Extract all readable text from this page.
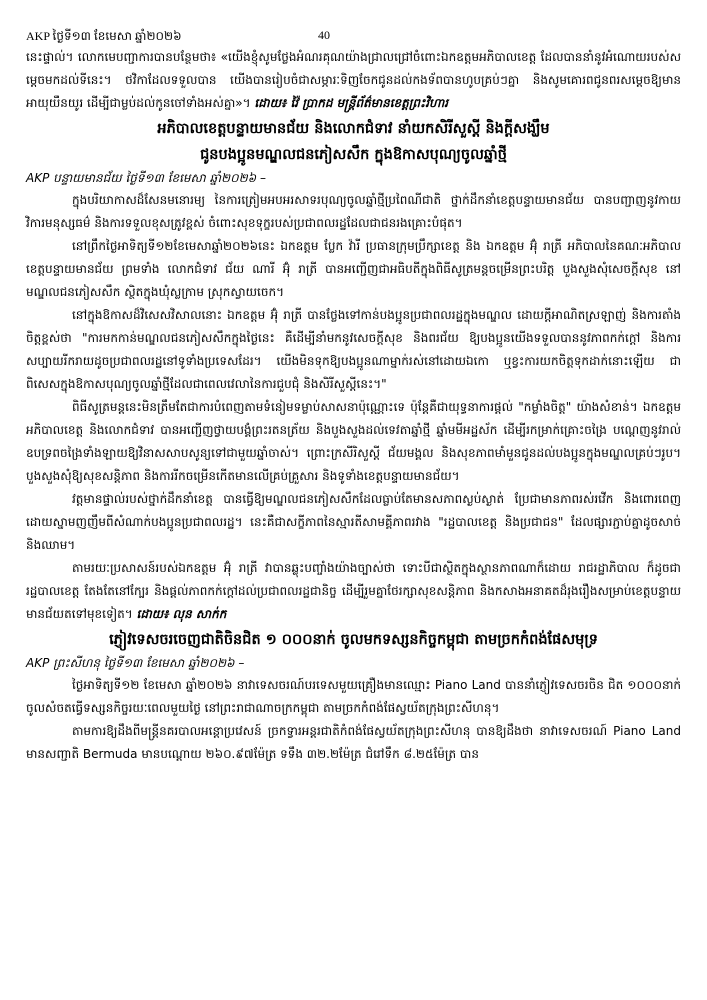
AKP ថ្ងៃទី១៣ ខែមេសា ឆ្នាំ២០២៦	40

នេះផ្ទាល់។ លោកមេបញ្ជាការបានបន្ថែមថា៖ «យើងខ្ញុំសូមថ្លែងអំណរគុណយ៉ាងជ្រាលជ្រៅចំពោះឯកឧត្តមអភិបាលខេត្ត ដែលបាននាំនូវអំណោយរបស់សម្តេចមកដល់ទីនេះ។ ថវិកាដែលទទួលបាន យើងបានរៀបចំជាសម្ភារៈទិញចែកជូនដល់កងទ័ពបានហូបគ្រប់ៗគ្នា និងសូមគោរពជូនពរសម្តេចឱ្យមានអាយុយឺនយូរ ដើម្បីជាម្លប់ដល់កូនចៅទាំងអស់គ្នា»។ ដោយ៖ វ៉ៃ ប្រាកដ មន្ត្រីព័ត៌មានខេត្តព្រះវិហារ

អភិបាលខេត្តបន្ទាយមានជ័យ និងលោកជំទាវ នាំយកសិរីសួស្តី និងក្តីសង្ឃឹម
ជូនបងប្អូនមណ្ឌលជនភៀសសឹក ក្នុងឱកាសបុណ្យចូលឆ្នាំថ្មី
AKP បន្ទាយមានជ័យ ថ្ងៃទី១៣ ខែមេសា ឆ្នាំ២០២៦ –

ក្នុងបរិយាកាសដ៏សែនមនោរម្យ នៃការត្រៀមអបអរសាទរបុណ្យចូលឆ្នាំថ្មីប្រពៃណីជាតិ ថ្នាក់ដឹកនាំខេត្តបន្ទាយមានជ័យ បានបញ្ជាញនូវកាយវិការមនុស្សធម៌ និងការទទួលខុសត្រូវខ្ពស់ ចំពោះសុខទុក្ខរបស់ប្រជាពលរដ្ឋដែលជាជនរងគ្រោះបំផុត។

នៅព្រឹកថ្ងៃអាទិត្យទី១២ខែមេសាឆ្នាំ២០២៦នេះ ឯកឧត្តម ប្លែក វ៉ារី ប្រធានក្រុមប្រឹក្សាខេត្ត និង ឯកឧត្តម អ៊ុំ រាត្រី អភិបាលនៃគណៈអភិបាលខេត្តបន្ទាយមានជ័យ ព្រមទាំង លោកជំទាវ ជ័យ ណារី អ៊ុំ រាត្រី បានអញ្ជើញជាអធិបតីក្នុងពិធីសូត្រមន្តចម្រើនព្រះបរិត្ត បួងសួងសុំសេចក្តីសុខ នៅមណ្ឌលជនភៀសសឹក ស្ថិតក្នុងឃុំស្លក្រាម ស្រុកស្វាយចេក។

នៅក្នុងឱកាសដ៏វិសេសវិសាលនោះ ឯកឧត្តម អ៊ុំ រាត្រី បានថ្លែងទៅកាន់បងប្អូនប្រជាពលរដ្ឋក្នុងមណ្ឌល ដោយក្តីអាណិតស្រឡាញ់ និងការតាំងចិត្តខ្ពស់ថា "ការមកកាន់មណ្ឌលជនភៀសសឹកក្នុងថ្ងៃនេះ គឺដើម្បីនាំមកនូវសេចក្តីសុខ និងពរជ័យ ឱ្យបងប្អូនយើងទទួលបាននូវភាពកក់ក្តៅ និងការសប្បាយរីករាយដូចប្រជាពលរដ្ឋនៅទូទាំងប្រទេសដែរ។ យើងមិនទុកឱ្យបងប្អូនណាម្នាក់រស់នៅដោយឯកោ ឬខ្វះការយកចិត្តទុកដាក់នោះឡើយ ជាពិសេសក្នុងឱកាសបុណ្យចូលឆ្នាំថ្មីដែលជាពេលវេលានៃការជួបជុំ និងសិរីសួស្តីនេះ។"

ពិធីសូត្រមន្តនេះមិនត្រឹមតែជាការបំពេញតាមទំនៀមទម្លាប់សាសនាប៉ុណ្ណោះទេ ប៉ុន្តែគឺជាយុទ្ធនាការផ្តល់ "កម្លាំងចិត្ត" យ៉ាងសំខាន់។ ឯកឧត្តមអភិបាលខេត្ត និងលោកជំទាវ បានអញ្ជើញថ្វាយបង្គំព្រះរតនត្រ័យ និងបួងសួងដល់ទេវតាឆ្នាំថ្មី ឆ្នាំមមីអដ្ឋស័ក ដើម្បីរកម្រាក់គ្រោះចង្រៃ បណ្តេញនូវរាល់ឧបទ្រពចង្រៃទាំងឡាយឱ្យវិនាសសាបសូន្យទៅជាមួយឆ្នាំចាស់។ ព្រោះក្រសីរិសួស្តី ជ័យមង្គល និងសុខភាពមាំមួនជូនដល់បងប្អូនក្នុងមណ្ឌលគ្រប់ៗរូប។ បួងសួងសុំឱ្យសុខសន្តិភាព និងការរីកចម្រើនកើតមានលើគ្រប់គ្រួសារ និងទូទាំងខេត្តបន្ទាយមានជ័យ។

វត្តមានផ្ទាល់របស់ថ្នាក់ដឹកនាំខេត្ត បានធ្វើឱ្យមណ្ឌលជនភៀសសឹកដែលធ្លាប់តែមានសភាពស្ងប់ស្ងាត់ ប្រែជាមានភាពរស់រវើក និងពោរពេញដោយស្នាមញញឹមពីសំណាក់បងប្អូនប្រជាពលរដ្ឋ។ នេះគឺជាសក្ខីភាពនៃស្មារតីសាមគ្គីភាពរវាង "រដ្ឋបាលខេត្ត និងប្រជាជន" ដែលផ្សារភ្ជាប់គ្នាដូចសាច់និងឈាម។

តាមរយៈប្រសាសន៍របស់ឯកឧត្តម អ៊ុំ រាត្រី វាបានឆ្លុះបញ្ចាំងយ៉ាងច្បាស់ថា ទោះបីជាស្ថិតក្នុងស្ថានភាពណាក៏ដោយ រាជរដ្ឋាភិបាល ក៏ដូចជារដ្ឋបាលខេត្ត តែងតែនៅក្បែរ និងផ្តល់ភាពកក់ក្តៅដល់ប្រជាពលរដ្ឋជានិច្ច ដើម្បីរួមគ្នាថែរក្សាសុខសន្តិភាព និងកសាងអនាគតដ៏រុងរឿងសម្រាប់ខេត្តបន្ទាយមានជ័យតទៅមុខទៀត។ ដោយ៖ លុន សាក់ក

ភ្ញៀវទេសចរចេញជាតិចិនជិត ១ ០០០នាក់ ចូលមកទស្សនកិច្ចកម្ពុជា តាមច្រកកំពង់ផែសមុទ្រ
AKP ព្រះសីហនុ ថ្ងៃទី១៣ ខែមេសា ឆ្នាំ២០២៦ –

ថ្ងៃអាទិត្យទី១២ ខែមេសា ឆ្នាំ២០២៦ នាវាទេសចរណ៍បរទេសមួយគ្រឿងមានឈ្មោះ Piano Land បាននាំភ្ញៀវទេសចរចិន ជិត ១០០០នាក់ ចូលសំចតធ្វើទស្សនកិច្ចរយៈពេលមួយថ្ងៃ នៅព្រះរាជាណាចក្រកម្ពុជា តាមច្រកកំពង់ផែស្វយ័តក្រុងព្រះសីហនុ។

តាមការឱ្យដឹងពីមន្ត្រីនគរបាលអន្តោប្រវេសន៍ ច្រកទ្វារអន្តរជាតិកំពង់ផែស្វយ័តក្រុងព្រះសីហនុ បានឱ្យដឹងថា នាវាទេសចរណ៍ Piano Land មានសញ្ជាតិ Bermuda មានបណ្តោយ ២៦០.៩៧ម៉ែត្រ ទទឹង ៣២.២ម៉ែត្រ ជំរៅទឹក ៨.២៥ម៉ែត្រ បាន
